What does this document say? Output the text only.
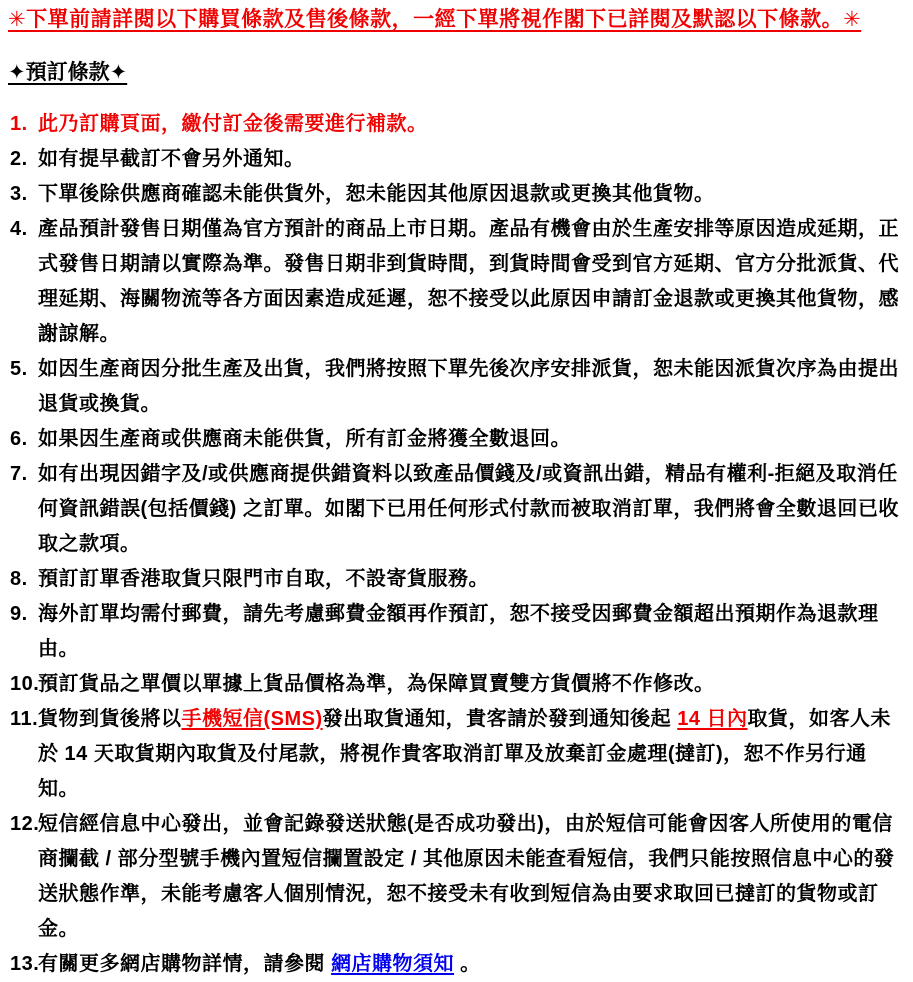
✳下單前請詳閱以下購買條款及售後條款，一經下單將視作閣下已詳閱及默認以下條款。✳

✦預訂條款✦
1. 此乃訂購頁面，繳付訂金後需要進行補款。
2. 如有提早截訂不會另外通知。
3. 下單後除供應商確認未能供貨外，恕未能因其他原因退款或更換其他貨物。
4. 產品預計發售日期僅為官方預計的商品上市日期。產品有機會由於生產安排等原因造成延期，正式發售日期請以實際為準。發售日期非到貨時間，到貨時間會受到官方延期、官方分批派貨、代理延期、海關物流等各方面因素造成延遲，恕不接受以此原因申請訂金退款或更換其他貨物，感謝諒解。
5. 如因生產商因分批生產及出貨，我們將按照下單先後次序安排派貨，恕未能因派貨次序為由提出退貨或換貨。
6. 如果因生產商或供應商未能供貨，所有訂金將獲全數退回。
7. 如有出現因錯字及/或供應商提供錯資料以致產品價錢及/或資訊出錯，精品有權利-拒絕及取消任何資訊錯誤(包括價錢) 之訂單。如閣下已用任何形式付款而被取消訂單，我們將會全數退回已收取之款項。
8. 預訂訂單香港取貨只限門市自取，不設寄貨服務。
9. 海外訂單均需付郵費，請先考慮郵費金額再作預訂，恕不接受因郵費金額超出預期作為退款理由。
10.
預訂貨品之單價以單據上貨品價格為準，為保障買賣雙方貨價將不作修改。
11. 貨物到貨後將以手機短信(SMS)發出取貨通知，貴客請於發到通知後起 14 日內取貨，如客人未於 14 天取貨期內取貨及付尾款，將視作貴客取消訂單及放棄訂金處理(撻訂)，恕不作另行通知。
12.
短信經信息中心發出，並會記錄發送狀態(是否成功發出)，由於短信可能會因客人所使用的電信商攔截 / 部分型號手機內置短信攔置設定 / 其他原因未能查看短信，我們只能按照信息中心的發送狀態作準，未能考慮客人個別情況，恕不接受未有收到短信為由要求取回已撻訂的貨物或訂金。
13.
有關更多網店購物詳情，請參閱 網店購物須知 。
